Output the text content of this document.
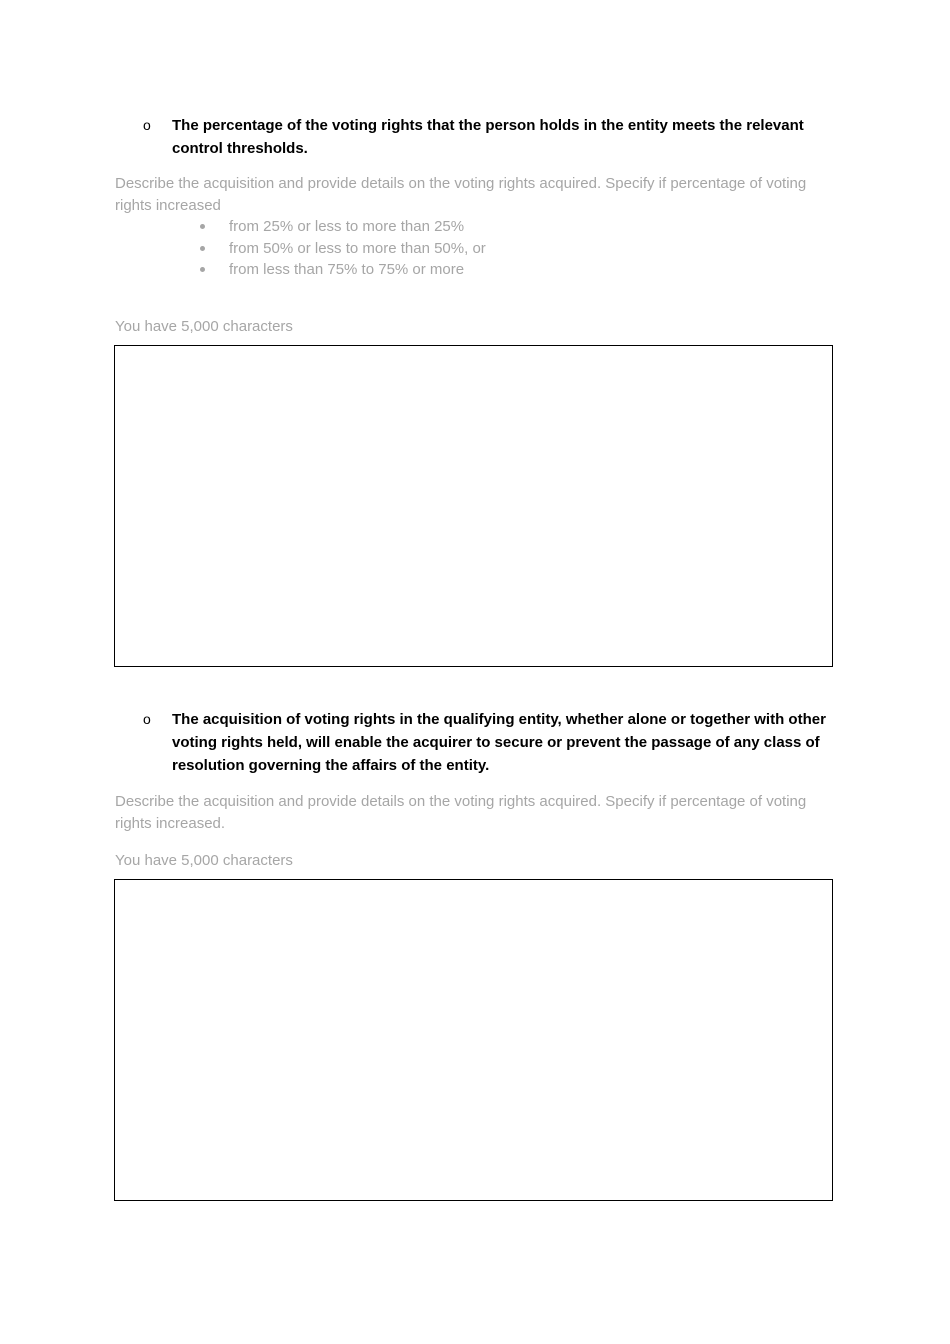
o	The percentage of the voting rights that the person holds in the entity meets the relevant control thresholds.
Describe the acquisition and provide details on the voting rights acquired. Specify if percentage of voting rights increased
from 25% or less to more than 25%
from 50% or less to more than 50%, or
from less than 75% to 75% or more
You have 5,000 characters
o	The acquisition of voting rights in the qualifying entity, whether alone or together with other voting rights held, will enable the acquirer to secure or prevent the passage of any class of resolution governing the affairs of the entity.
Describe the acquisition and provide details on the voting rights acquired. Specify if percentage of voting rights increased.
You have 5,000 characters
